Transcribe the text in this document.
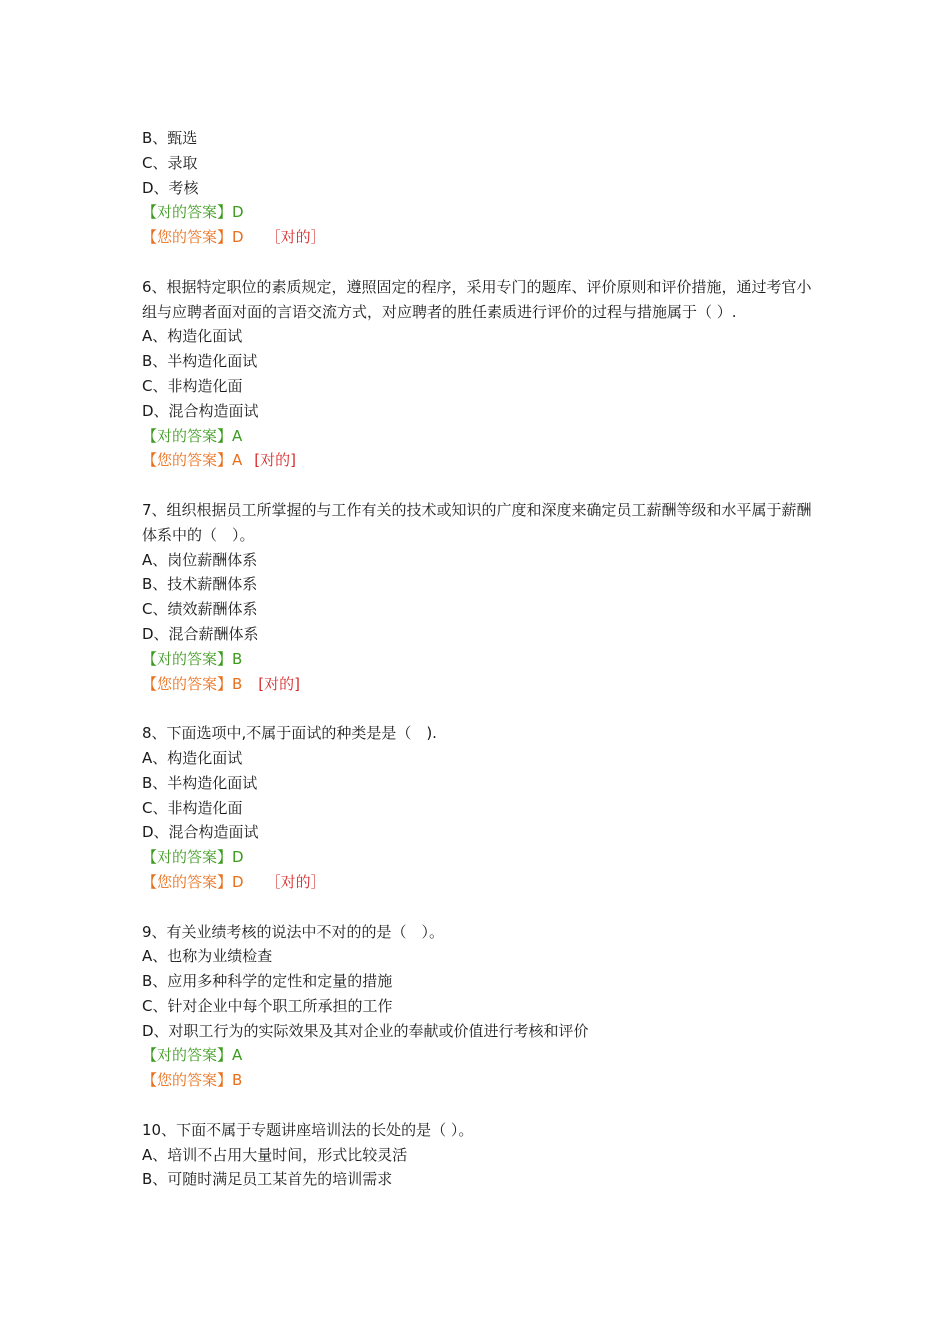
B、甄选
C、录取
D、考核
【对的答案】D
【您的答案】D ［对的］
6、根据特定职位的素质规定，遵照固定的程序，采用专门的题库、评价原则和评价措施，通过考官小组与应聘者面对面的言语交流方式，对应聘者的胜任素质进行评价的过程与措施属于（ ）.
A、构造化面试
B、半构造化面试
C、非构造化面
D、混合构造面试
【对的答案】A
【您的答案】A [对的]
7、组织根据员工所掌握的与工作有关的技术或知识的广度和深度来确定员工薪酬等级和水平属于薪酬体系中的（　）。
A、岗位薪酬体系
B、技术薪酬体系
C、绩效薪酬体系
D、混合薪酬体系
【对的答案】B
【您的答案】B [对的]
8、下面选项中,不属于面试的种类是是（　).
A、构造化面试
B、半构造化面试
C、非构造化面
D、混合构造面试
【对的答案】D
【您的答案】D ［对的］
9、有关业绩考核的说法中不对的的是（　）。
A、也称为业绩检查
B、应用多种科学的定性和定量的措施
C、针对企业中每个职工所承担的工作
D、对职工行为的实际效果及其对企业的奉献或价值进行考核和评价
【对的答案】A
【您的答案】B
10、下面不属于专题讲座培训法的长处的是（ ）。
A、培训不占用大量时间，形式比较灵活
B、可随时满足员工某首先的培训需求
